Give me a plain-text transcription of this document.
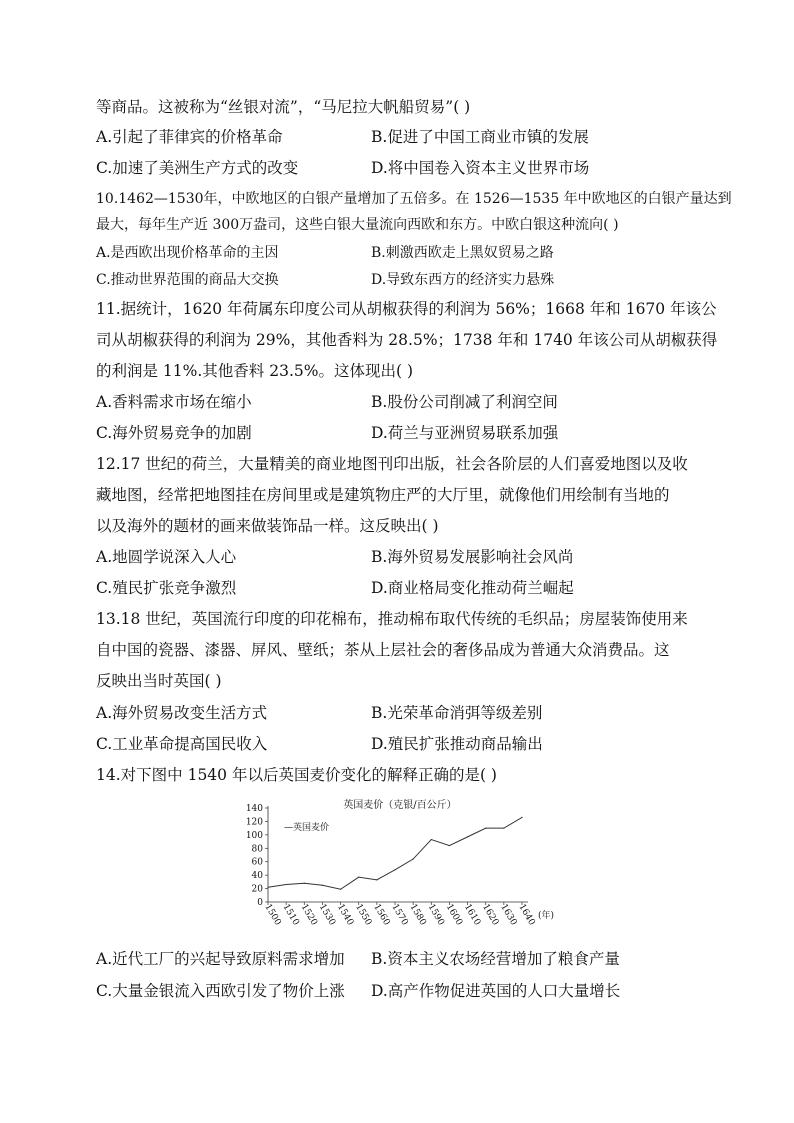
等商品。这被称为“丝银对流”，“马尼拉大帆船贸易”( )
A.引起了菲律宾的价格革命	B.促进了中国工商业市镇的发展
C.加速了美洲生产方式的改变	D.将中国卷入资本主义世界市场
10.1462—1530年，中欧地区的白银产量增加了五倍多。在 1526—1535 年中欧地区的白银产量达到
最大，每年生产近 300万盎司，这些白银大量流向西欧和东方。中欧白银这种流向( )
A.是西欧出现价格革命的主因	B.刺激西欧走上黑奴贸易之路
C.推动世界范围的商品大交换	D.导致东西方的经济实力悬殊
11.据统计，1620 年荷属东印度公司从胡椒获得的利润为 56%；1668 年和 1670 年该公
司从胡椒获得的利润为 29%，其他香料为 28.5%；1738 年和 1740 年该公司从胡椒获得
的利润是 11%.其他香料 23.5%。这体现出( )
A.香料需求市场在缩小	B.股份公司削减了利润空间
C.海外贸易竞争的加剧	D.荷兰与亚洲贸易联系加强
12.17 世纪的荷兰，大量精美的商业地图刊印出版，社会各阶层的人们喜爱地图以及收
藏地图，经常把地图挂在房间里或是建筑物庄严的大厅里，就像他们用绘制有当地的
以及海外的题材的画来做装饰品一样。这反映出( )
A.地圆学说深入人心	B.海外贸易发展影响社会风尚
C.殖民扩张竞争激烈	D.商业格局变化推动荷兰崛起
13.18 世纪，英国流行印度的印花棉布，推动棉布取代传统的毛织品；房屋装饰使用来
自中国的瓷器、漆器、屏风、壁纸；茶从上层社会的奢侈品成为普通大众消费品。这
反映出当时英国( )
A.海外贸易改变生活方式	B.光荣革命消弭等级差别
C.工业革命提高国民收入	D.殖民扩张推动商品输出
14.对下图中 1540 年以后英国麦价变化的解释正确的是( )
英国麦价（克银/百公斤）
—英国麦价
(年)
0
20
40
60
80
100
120
140
1500
1510
1520
1530
1540
1550
1560
1570
1580
1590
1600
1610
1620
1630
1640
A.近代工厂的兴起导致原料需求增加 B.资本主义农场经营增加了粮食产量
C.大量金银流入西欧引发了物价上涨 D.高产作物促进英国的人口大量增长
